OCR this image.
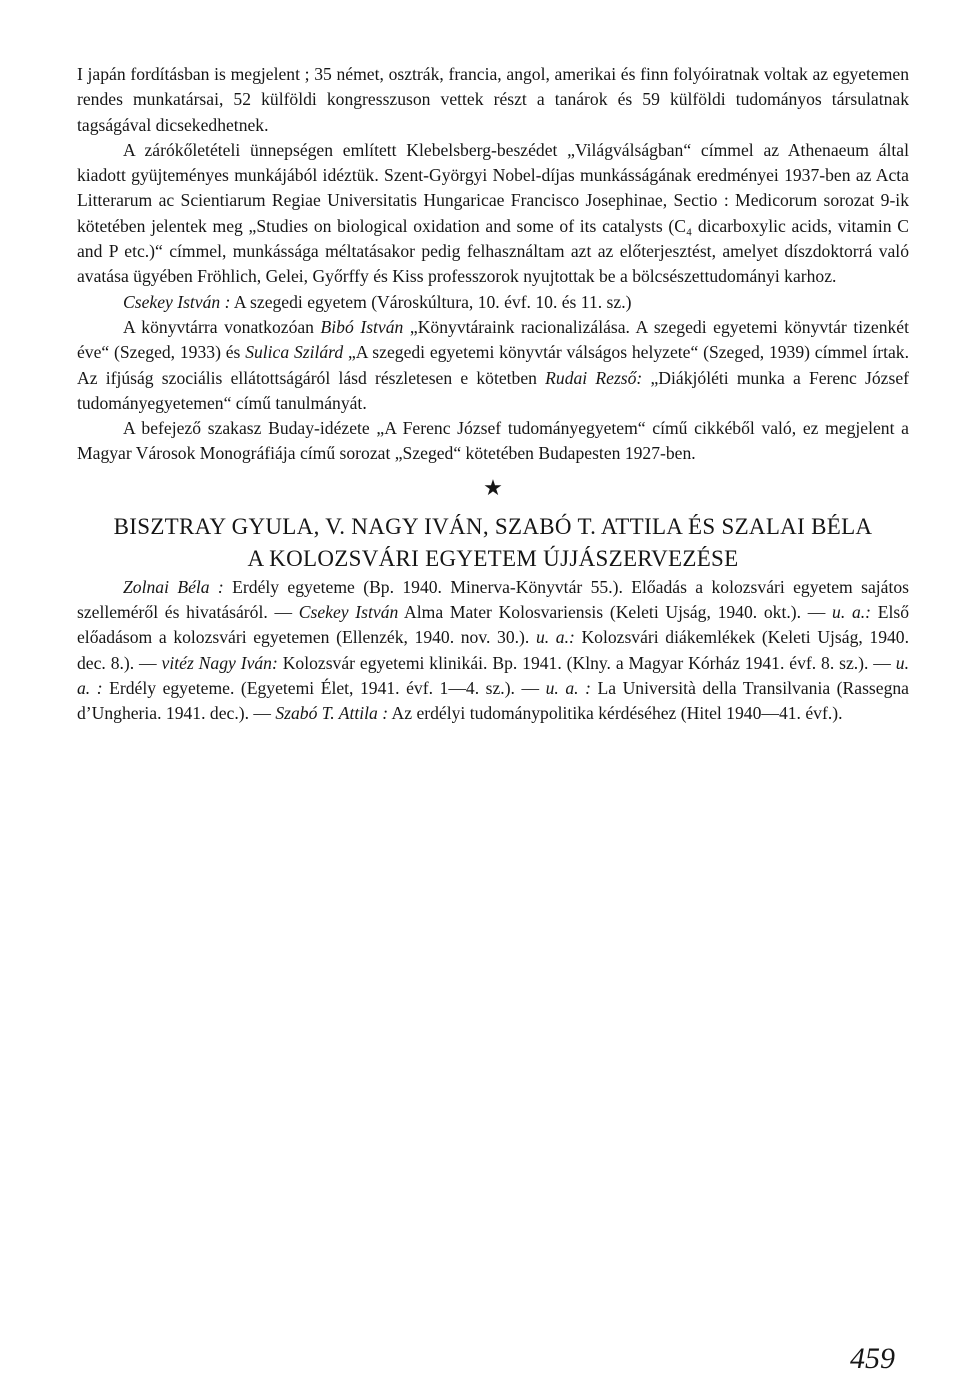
I japán fordításban is megjelent ; 35 német, osztrák, francia, angol, amerikai és finn folyóiratnak voltak az egyetemen rendes munkatársai, 52 külföldi kongresszuson vettek részt a tanárok és 59 külföldi tudományos társulatnak tagságával dicsekedhetnek.

A zárókőletételi ünnepségen említett Klebelsberg-beszédet „Világválságban“ címmel az Athenaeum által kiadott gyüjteményes munkájából idéztük. Szent-Györgyi Nobel-díjas munkásságának eredményei 1937-ben az Acta Litterarum ac Scientiarum Regiae Universitatis Hungaricae Francisco Josephinae, Sectio : Medicorum sorozat 9-ik kötetében jelentek meg „Studies on biological oxidation and some of its catalysts (C₄ dicarboxylic acids, vitamin C and P etc.)“ címmel, munkássága méltatásakor pedig felhasználtam azt az előterjesztést, amelyet díszdoktorrá való avatása ügyében Fröhlich, Gelei, Győrffy és Kiss professzorok nyujtottak be a bölcsészettudományi karhoz.

Csekey István : A szegedi egyetem (Városkúltura, 10. évf. 10. és 11. sz.)

A könyvtárra vonatkozóan Bibó István „Könyvtáraink racionalizálása. A szegedi egyetemi könyvtár tizenkét éve“ (Szeged, 1933) és Sulica Szilárd „A szegedi egyetemi könyvtár válságos helyzete“ (Szeged, 1939) címmel írtak. Az ifjúság szociális ellátottságáról lásd részletesen e kötetben Rudai Rezső: „Diákjóléti munka a Ferenc József tudományegyetemen“ című tanulmányát.

A befejező szakasz Buday-idézete „A Ferenc József tudományegyetem“ című cikkéből való, ez megjelent a Magyar Városok Monográfiája című sorozat „Szeged“ kötetében Budapesten 1927-ben.

★
BISZTRAY GYULA, V. NAGY IVÁN, SZABÓ T. ATTILA ÉS SZALAI BÉLA
A KOLOZSVÁRI EGYETEM ÚJJÁSZERVEZÉSE

Zolnai Béla : Erdély egyeteme (Bp. 1940. Minerva-Könyvtár 55.). Előadás a kolozsvári egyetem sajátos szelleméről és hivatásáról. — Csekey István Alma Mater Kolosvariensis (Keleti Ujság, 1940. okt.). — u. a.: Első előadásom a kolozsvári egyetemen (Ellenzék, 1940. nov. 30.). u. a.: Kolozsvári diákemlékek (Keleti Ujság, 1940. dec. 8.). — vitéz Nagy Iván: Kolozsvár egyetemi klinikái. Bp. 1941. (Klny. a Magyar Kórház 1941. évf. 8. sz.). — u. a. : Erdély egyeteme. (Egyetemi Élet, 1941. évf. 1—4. sz.). — u. a. : La Università della Transilvania (Rassegna d’Ungheria. 1941. dec.). — Szabó T. Attila : Az erdélyi tudománypolitika kérdéséhez (Hitel 1940—41. évf.).

459
